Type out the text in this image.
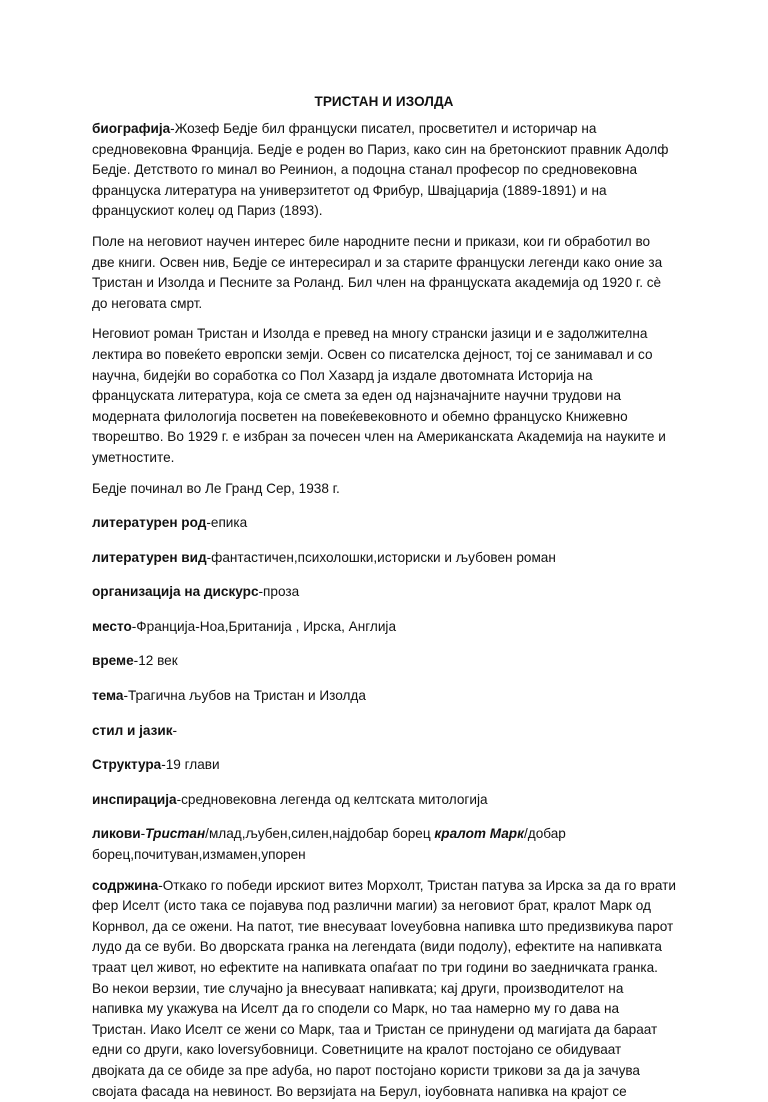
ТРИСТАН И ИЗОЛДА

биографија-Жозеф Бедје бил француски писател, просветител и историчар на средновековна Франција. Бедје е роден во Париз, како син на бретонскиот правник Адолф Бедје. Детството го минал во Реинион, а подоцна станал професор по средновековна француска литература на универзитетот од Фрибур, Швајцарија (1889-1891) и на францускиот колеџ од Париз (1893).

Поле на неговиот научен интерес биле народните песни и прикази, кои ги обработил во две книги. Освен нив, Бедје се интересирал и за старите француски легенди како оние за Тристан и Изолда и Песните за Роланд. Бил член на француската академија од 1920 г. сè до неговата смрт.

Неговиот роман Тристан и Изолда е превед на многу странски јазици и е задолжителна лектира во повеќето европски земји. Освен со писателска дејност, тој се занимавал и со научна, бидејќи во соработка со Пол Хазард ја издале двотомната Историја на француската литература, која се смета за еден од најзначајните научни трудови на модерната филологија посветен на повеќевековното и обемно француско Книжевно творештво. Во 1929 г. е избран за почесен член на Американската Академија на науките и уметностите.

Бедје починал во Ле Гранд Сер, 1938 г.

литературен род-епика

литературен вид-фантастичен,психолошки,историски и љубовен роман

организација на дискурс-проза

место-Франција-Ноа,Британија , Ирска, Англија

време-12 век

тема-Трагична љубов на Тристан и Изолда

стил и јазик-

Структура-19 глави

инспирација-средновековна легенда од келтската митологија

ликови-Тристан/млад,љубен,силен,најдобар борец кралот Марк/добар борец,почитуван,измамен,упорен

содржина-Откако го победи ирскиот витез Морхолт, Тристан патува за Ирска за да го врати фер Иселт (исто така се појавува под различни магии) за неговиот брат, кралот Марк од Корнвол, да се ожени. На патот, тие внесуваат loveубовна напивка што предизвикува парот лудо да се вуби. Во дворската гранка на легендата (види подолу), ефектите на напивката траат цел живот, но ефектите на напивката опаѓаат по три години во заедничката гранка. Во некои верзии, тие случајно ја внесуваат напивката; кај други, производителот на напивка му укажува на Иселт да го сподели со Марк, но таа намерно му го дава на Тристан. Иако Иселт се жени со Марк, таа и Тристан се принудени од магијата да бараат едни со други, како loversубовници. Советниците на кралот постојано се обидуваат двојката да се обиде за пре аdуба, но парот постојано користи трикови за да ја зачува својата фасада на невиност. Во верзијата на Берул, ioубовната напивка на крајот се
